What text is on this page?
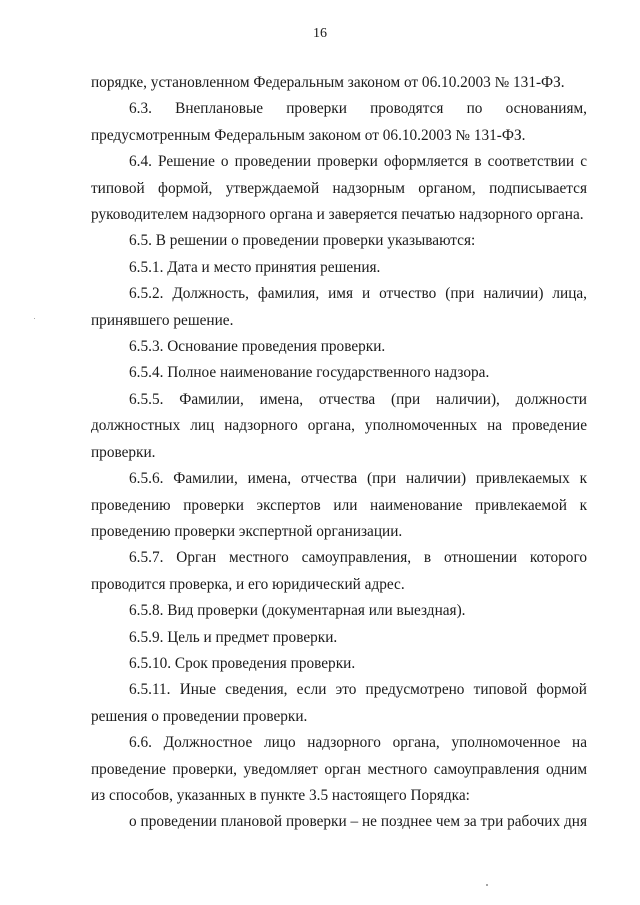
16

порядке, установленном Федеральным законом от 06.10.2003 № 131-ФЗ.

6.3. Внеплановые проверки проводятся по основаниям, предусмотренным Федеральным законом от 06.10.2003 № 131-ФЗ.

6.4. Решение о проведении проверки оформляется в соответствии с типовой формой, утверждаемой надзорным органом, подписывается руководителем надзорного органа и заверяется печатью надзорного органа.

6.5. В решении о проведении проверки указываются:

6.5.1. Дата и место принятия решения.

6.5.2. Должность, фамилия, имя и отчество (при наличии) лица, принявшего решение.

6.5.3. Основание проведения проверки.

6.5.4. Полное наименование государственного надзора.

6.5.5. Фамилии, имена, отчества (при наличии), должности должностных лиц надзорного органа, уполномоченных на проведение проверки.

6.5.6. Фамилии, имена, отчества (при наличии) привлекаемых к проведению проверки экспертов или наименование привлекаемой к проведению проверки экспертной организации.

6.5.7. Орган местного самоуправления, в отношении которого проводится проверка, и его юридический адрес.

6.5.8. Вид проверки (документарная или выездная).

6.5.9. Цель и предмет проверки.

6.5.10. Срок проведения проверки.

6.5.11. Иные сведения, если это предусмотрено типовой формой решения о проведении проверки.

6.6. Должностное лицо надзорного органа, уполномоченное на проведение проверки, уведомляет орган местного самоуправления одним из способов, указанных в пункте 3.5 настоящего Порядка:

о проведении плановой проверки – не позднее чем за три рабочих дня
